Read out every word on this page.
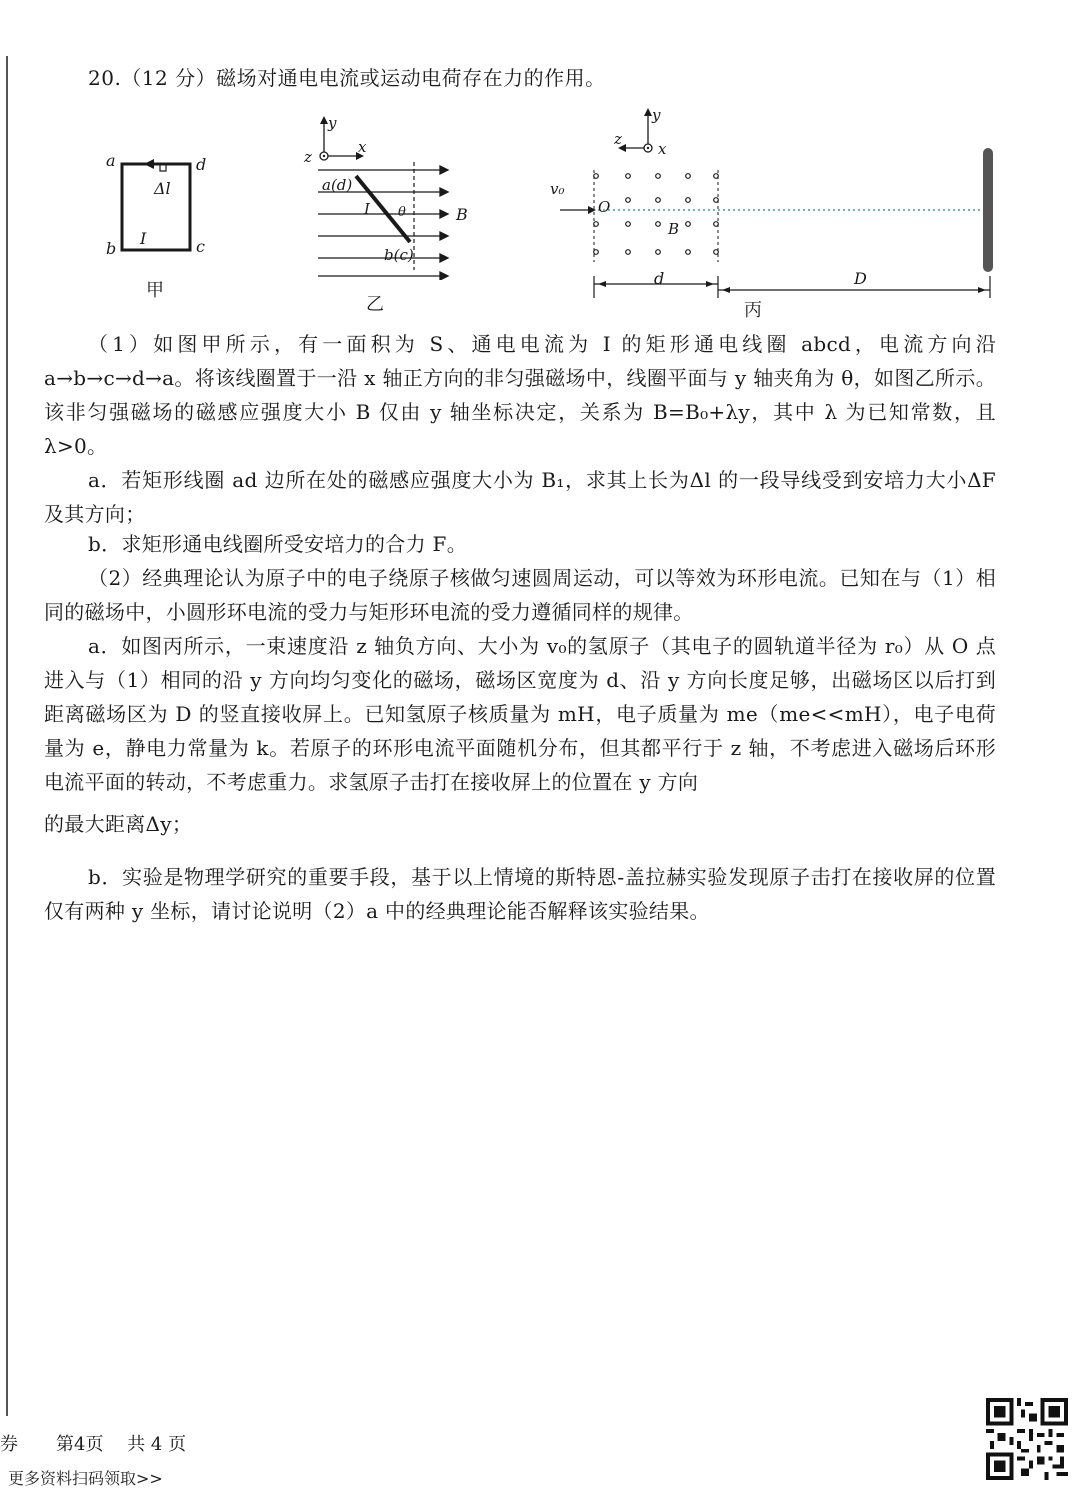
20.（12 分）磁场对通电电流或运动电荷存在力的作用。
a	d
b	c
Δl
I
甲
y
x
z
a(d)
I θ	B
b(c)
乙
y
x
z
v₀
O
B
d	D
丙
（1）如图甲所示，有一面积为 S、通电电流为 I 的矩形通电线圈 abcd，电流方向沿 a→b→c→d→a。将该线圈置于一沿 x 轴正方向的非匀强磁场中，线圈平面与 y 轴夹角为 θ，如图乙所示。该非匀强磁场的磁感应强度大小 B 仅由 y 轴坐标决定，关系为 B=B₀+λy，其中 λ 为已知常数，且 λ>0。
a．若矩形线圈 ad 边所在处的磁感应强度大小为 B₁，求其上长为Δl 的一段导线受到安培力大小ΔF 及其方向；
b．求矩形通电线圈所受安培力的合力 F。
（2）经典理论认为原子中的电子绕原子核做匀速圆周运动，可以等效为环形电流。已知在与（1）相同的磁场中，小圆形环电流的受力与矩形环电流的受力遵循同样的规律。
a．如图丙所示，一束速度沿 z 轴负方向、大小为 v₀的氢原子（其电子的圆轨道半径为 r₀）从 O 点进入与（1）相同的沿 y 方向均匀变化的磁场，磁场区宽度为 d、沿 y 方向长度足够，出磁场区以后打到距离磁场区为 D 的竖直接收屏上。已知氢原子核质量为 mH，电子质量为 me（me<<mH），电子电荷量为 e，静电力常量为 k。若原子的环形电流平面随机分布，但其都平行于 z 轴，不考虑进入磁场后环形电流平面的转动，不考虑重力。求氢原子击打在接收屏上的位置在 y 方向
的最大距离Δy；
b．实验是物理学研究的重要手段，基于以上情境的斯特恩-盖拉赫实验发现原子击打在接收屏的位置仅有两种 y 坐标，请讨论说明（2）a 中的经典理论能否解释该实验结果。
券 第4页　 共 4 页
更多资料扫码领取>>
